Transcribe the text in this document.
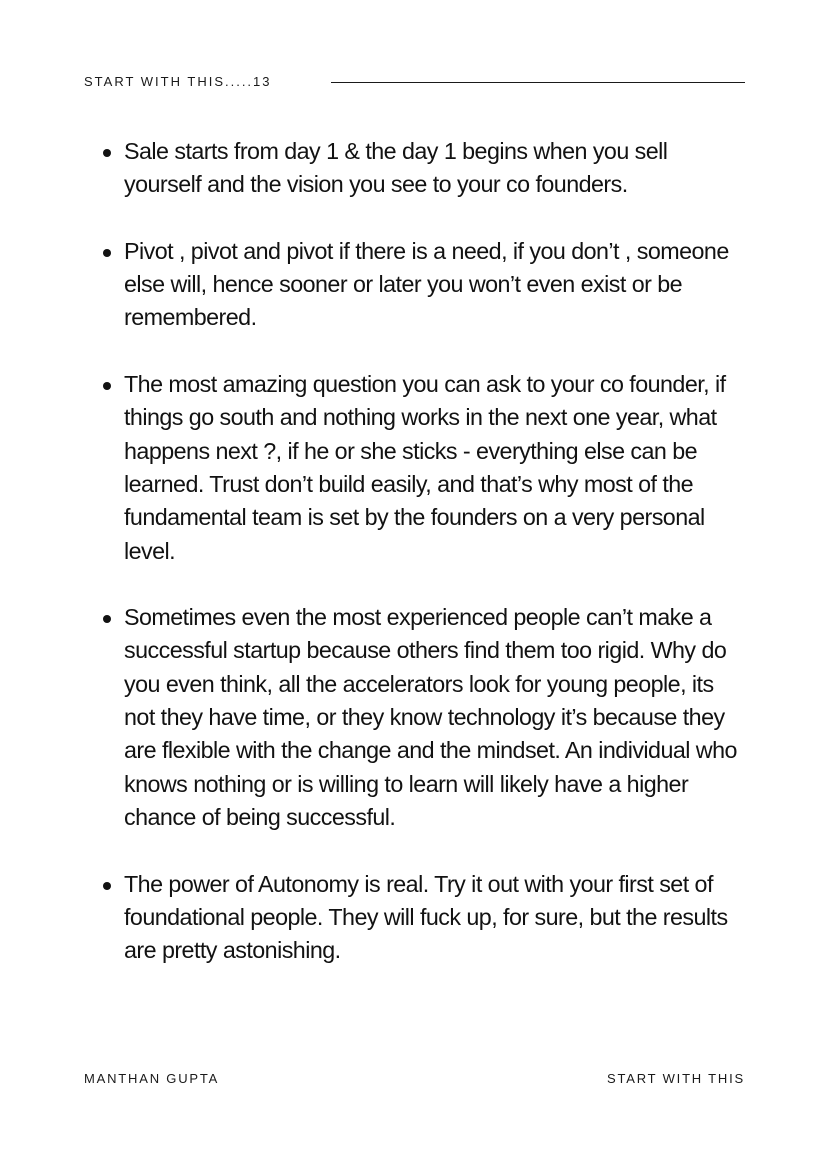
START WITH THIS.....13
Sale starts from day 1 & the day 1 begins when you sell yourself and the vision you see to your co founders.
Pivot , pivot and pivot if there is a need, if you don’t , someone else will, hence sooner or later you won’t even exist or be remembered.
The most amazing question you can ask to your co founder, if things go south and nothing works in the next one year, what happens next ?, if he or she sticks - everything else can be learned. Trust don’t build easily, and that’s why most of the fundamental team is set by the founders on a very personal level.
Sometimes even the most experienced people can’t make a successful startup because others find them too rigid. Why do you even think, all the accelerators look for young people, its not they have time, or they know technology it’s because they are flexible with the change and the mindset. An individual who knows nothing or is willing to learn will likely have a higher chance of being successful.
The power of Autonomy is real. Try it out with your first set of foundational people. They will fuck up, for sure, but the results are pretty astonishing.
MANTHAN GUPTA	START WITH THIS
